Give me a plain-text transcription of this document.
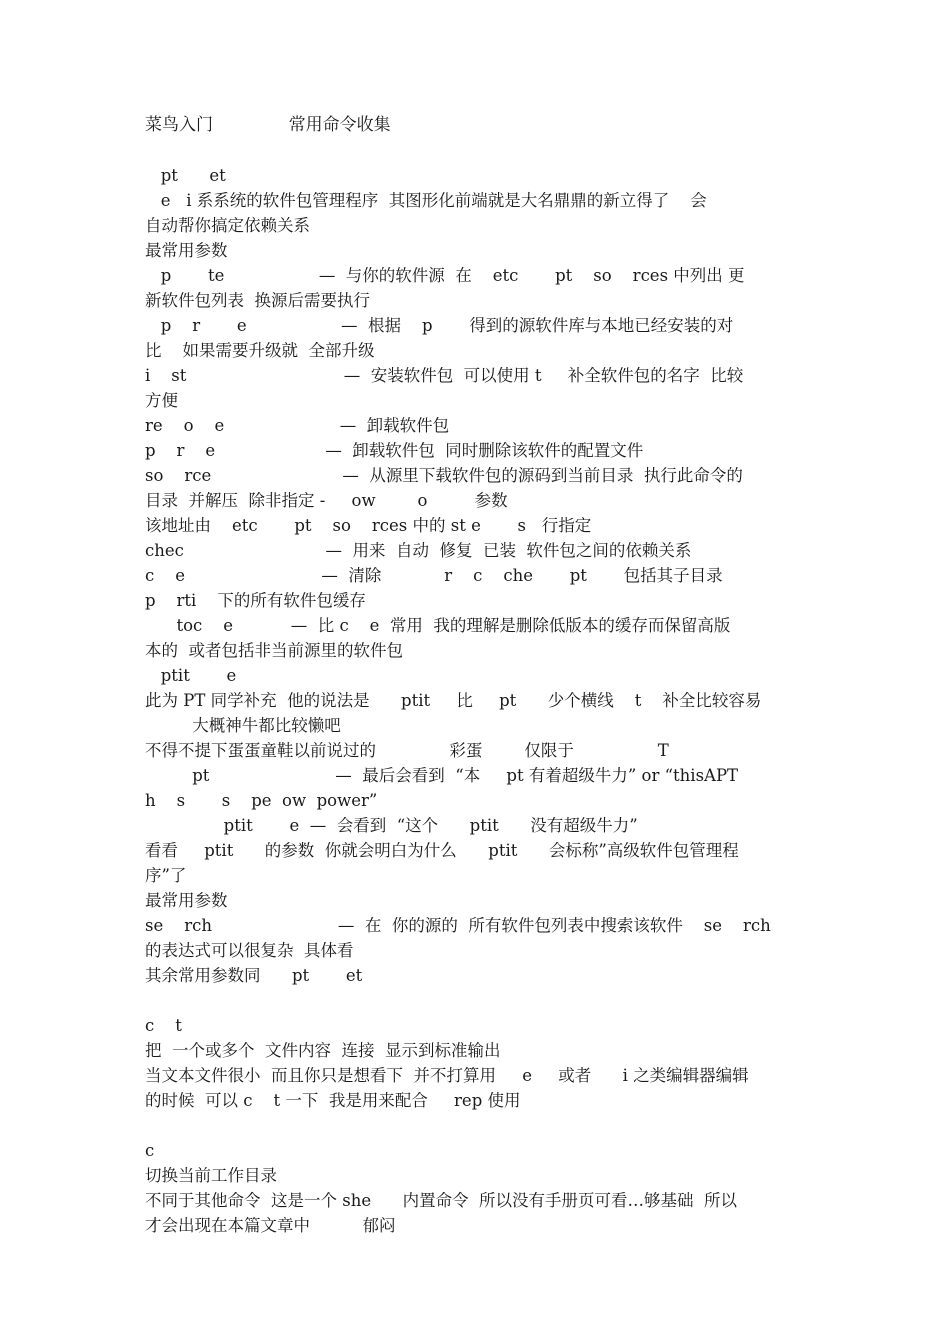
菜鸟入门              常用命令收集
pt      et
e   i 系系统的软件包管理程序  其图形化前端就是大名鼎鼎的新立得了    会
自动帮你搞定依赖关系
最常用参数
p       te                  —  与你的软件源  在    etc       pt    so    rces 中列出 更
新软件包列表  换源后需要执行
p    r       e                  —  根据    p       得到的源软件库与本地已经安装的对
比    如果需要升级就  全部升级
i    st                              —  安装软件包  可以使用 t     补全软件包的名字  比较
方便
re    o    e                      —  卸载软件包
p    r    e                     —  卸载软件包  同时删除该软件的配置文件
so    rce                         —  从源里下载软件包的源码到当前目录  执行此命令的
目录  并解压  除非指定 -     ow        o         参数
该地址由    etc       pt    so    rces 中的 st e       s   行指定
chec                           —  用来  自动  修复  已装  软件包之间的依赖关系
c    e                          —  清除            r    c    che       pt       包括其子目录
p    rti    下的所有软件包缓存
toc    e           —  比 c    e  常用  我的理解是删除低版本的缓存而保留高版
本的  或者包括非当前源里的软件包
ptit       e
此为 PT 同学补充  他的说法是      ptit     比     pt      少个横线    t    补全比较容易
大概神牛都比较懒吧
不得不提下蛋蛋童鞋以前说过的              彩蛋        仅限于                T
pt                        —  最后会看到  “本     pt 有着超级牛力” or “thisAPT
h    s       s    pe  ow  power”
ptit       e  —  会看到  “这个      ptit      没有超级牛力”
看看     ptit      的参数  你就会明白为什么      ptit      会标称”高级软件包管理程
序”了
最常用参数
se    rch                        —  在  你的源的  所有软件包列表中搜索该软件    se    rch
的表达式可以很复杂  具体看
其余常用参数同      pt       et
c    t
把  一个或多个  文件内容  连接  显示到标准输出
当文本文件很小  而且你只是想看下  并不打算用     e     或者      i 之类编辑器编辑
的时候  可以 c    t 一下  我是用来配合     rep 使用
c
切换当前工作目录
不同于其他命令  这是一个 she      内置命令  所以没有手册页可看…够基础  所以
才会出现在本篇文章中          郁闷
